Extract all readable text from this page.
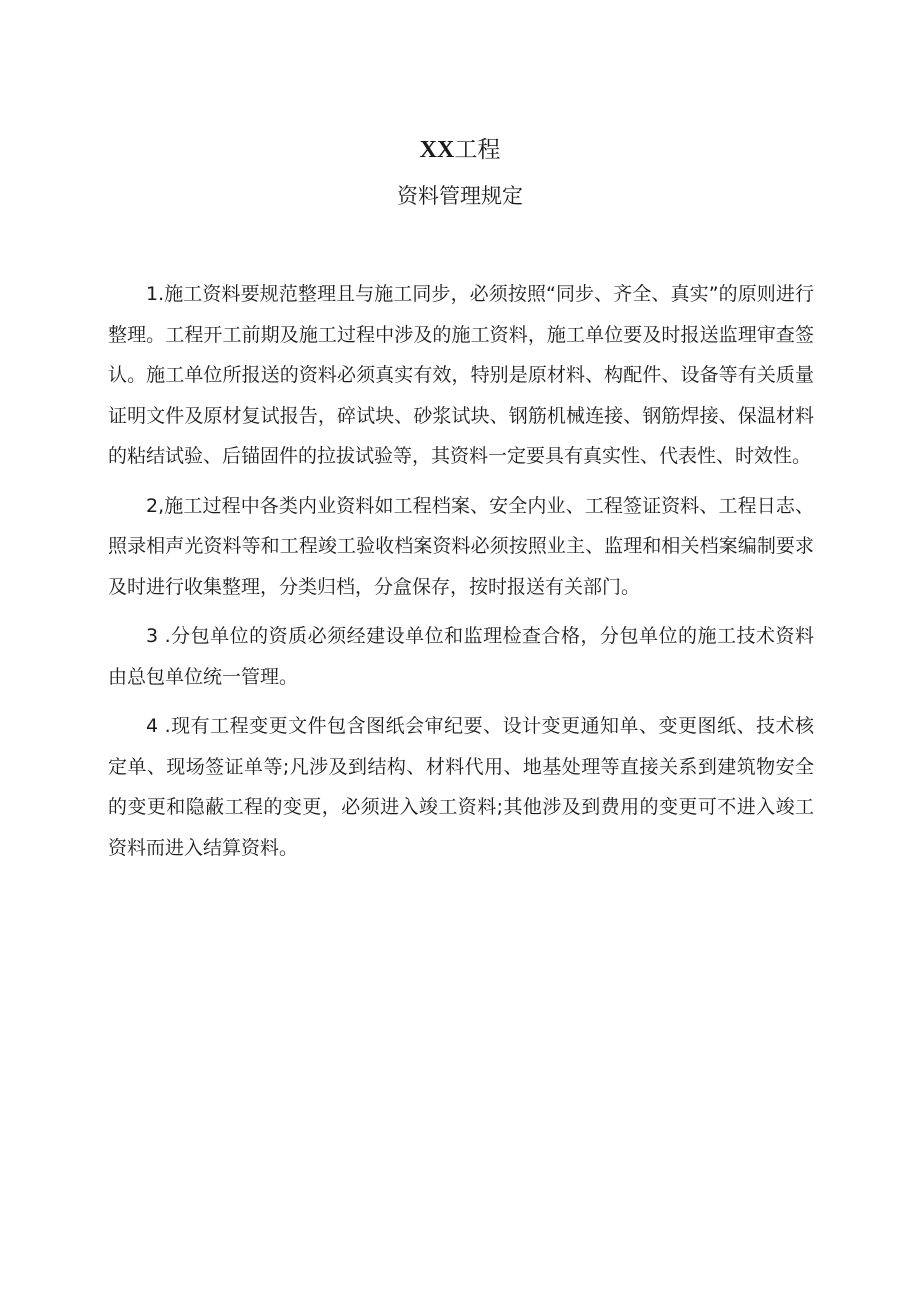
XX工程
资料管理规定

1.施工资料要规范整理且与施工同步，必须按照“同步、齐全、真实”的原则进行整理。工程开工前期及施工过程中涉及的施工资料，施工单位要及时报送监理审查签认。施工单位所报送的资料必须真实有效，特别是原材料、构配件、设备等有关质量证明文件及原材复试报告，碎试块、砂浆试块、钢筋机械连接、钢筋焊接、保温材料的粘结试验、后锚固件的拉拔试验等，其资料一定要具有真实性、代表性、时效性。

2,施工过程中各类内业资料如工程档案、安全内业、工程签证资料、工程日志、照录相声光资料等和工程竣工验收档案资料必须按照业主、监理和相关档案编制要求及时进行收集整理，分类归档，分盒保存，按时报送有关部门。

3 .分包单位的资质必须经建设单位和监理检查合格，分包单位的施工技术资料由总包单位统一管理。

4 .现有工程变更文件包含图纸会审纪要、设计变更通知单、变更图纸、技术核定单、现场签证单等;凡涉及到结构、材料代用、地基处理等直接关系到建筑物安全的变更和隐蔽工程的变更，必须进入竣工资料;其他涉及到费用的变更可不进入竣工资料而进入结算资料。
